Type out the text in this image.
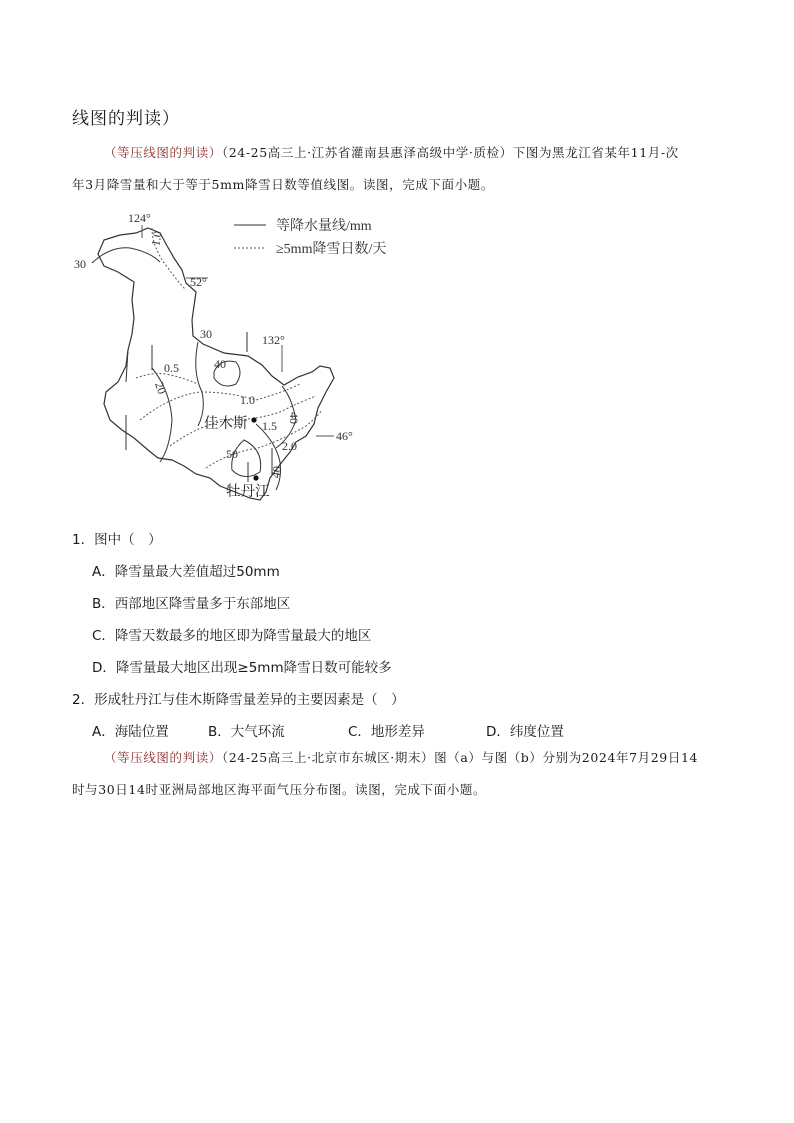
线图的判读）
（等压线图的判读）（24-25高三上·江苏省灌南县惠泽高级中学·质检）下图为黑龙江省某年11月-次
年3月降雪量和大于等于5mm降雪日数等值线图。读图，完成下面小题。
等降水量线/mm
≥5mm降雪日数/天
124°
132°
52°
46°
30
30
40
20
50
40
40
1.0
0.5
1.0
1.5
2.0
佳木斯
牡丹江
1．图中（　）
A．降雪量最大差值超过50mm
B．西部地区降雪量多于东部地区
C．降雪天数最多的地区即为降雪量最大的地区
D．降雪量最大地区出现≥5mm降雪日数可能较多
2．形成牡丹江与佳木斯降雪量差异的主要因素是（　）
A．海陆位置	B．大气环流	C．地形差异	D．纬度位置
（等压线图的判读）（24-25高三上·北京市东城区·期末）图（a）与图（b）分别为2024年7月29日14
时与30日14时亚洲局部地区海平面气压分布图。读图，完成下面小题。
